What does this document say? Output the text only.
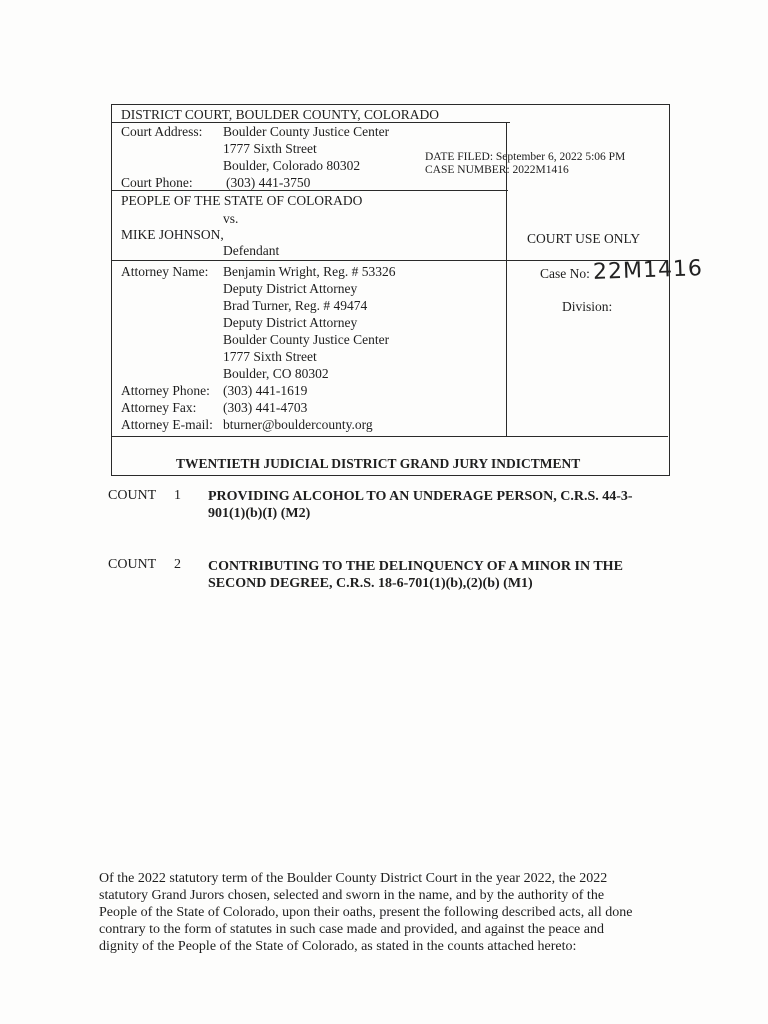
DISTRICT COURT, BOULDER COUNTY, COLORADO
Court Address: Boulder County Justice Center
1777 Sixth Street
Boulder, Colorado 80302
Court Phone: (303) 441-3750
DATE FILED: September 6, 2022 5:06 PM
CASE NUMBER: 2022M1416
PEOPLE OF THE STATE OF COLORADO
vs.
MIKE JOHNSON,
Defendant
COURT USE ONLY
Attorney Name: Benjamin Wright, Reg. # 53326
Deputy District Attorney
Brad Turner, Reg. # 49474
Deputy District Attorney
Boulder County Justice Center
1777 Sixth Street
Boulder, CO 80302
Attorney Phone: (303) 441-1619
Attorney Fax: (303) 441-4703
Attorney E-mail: bturner@bouldercounty.org
Case No: 22M1416
Division:
TWENTIETH JUDICIAL DISTRICT GRAND JURY INDICTMENT
COUNT 1 PROVIDING ALCOHOL TO AN UNDERAGE PERSON, C.R.S. 44-3-901(1)(b)(I) (M2)
COUNT 2 CONTRIBUTING TO THE DELINQUENCY OF A MINOR IN THE SECOND DEGREE, C.R.S. 18-6-701(1)(b),(2)(b) (M1)
Of the 2022 statutory term of the Boulder County District Court in the year 2022, the 2022 statutory Grand Jurors chosen, selected and sworn in the name, and by the authority of the People of the State of Colorado, upon their oaths, present the following described acts, all done contrary to the form of statutes in such case made and provided, and against the peace and dignity of the People of the State of Colorado, as stated in the counts attached hereto:
